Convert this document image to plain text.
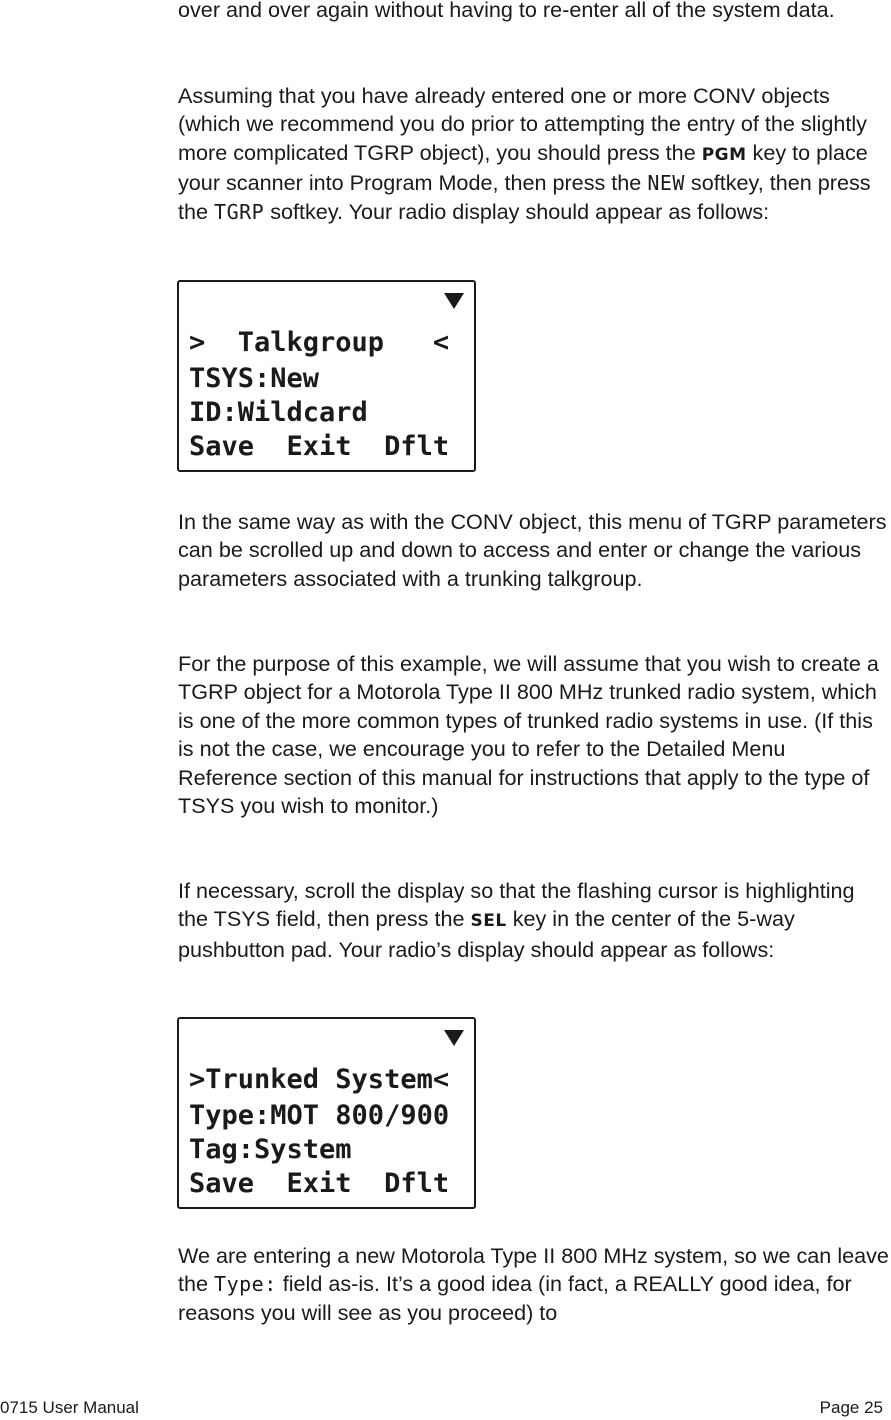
over and over again without having to re-enter all of the system data.

Assuming that you have already entered one or more CONV objects (which we recommend you do prior to attempting the entry of the slightly more complicated TGRP object), you should press the PGM key to place your scanner into Program Mode, then press the NEW softkey, then press the TGRP softkey. Your radio display should appear as follows:

>  Talkgroup   <

TSYS:New

ID:Wildcard

Save  Exit  Dflt

In the same way as with the CONV object, this menu of TGRP parameters can be scrolled up and down to access and enter or change the various parameters associated with a trunking talkgroup.

For the purpose of this example, we will assume that you wish to create a TGRP object for a Motorola Type II 800 MHz trunked radio system, which is one of the more common types of trunked radio systems in use. (If this is not the case, we encourage you to refer to the Detailed Menu Reference section of this manual for instructions that apply to the type of TSYS you wish to monitor.)

If necessary, scroll the display so that the flashing cursor is highlighting the TSYS field, then press the SEL key in the center of the 5-way pushbutton pad. Your radio’s display should appear as follows:

>Trunked System<

Type:MOT 800/900

Tag:System

Save  Exit  Dflt

We are entering a new Motorola Type II 800 MHz system, so we can leave the Type: field as-is. It’s a good idea (in fact, a REALLY good idea, for reasons you will see as you proceed) to

0715 User Manual	Page 25
